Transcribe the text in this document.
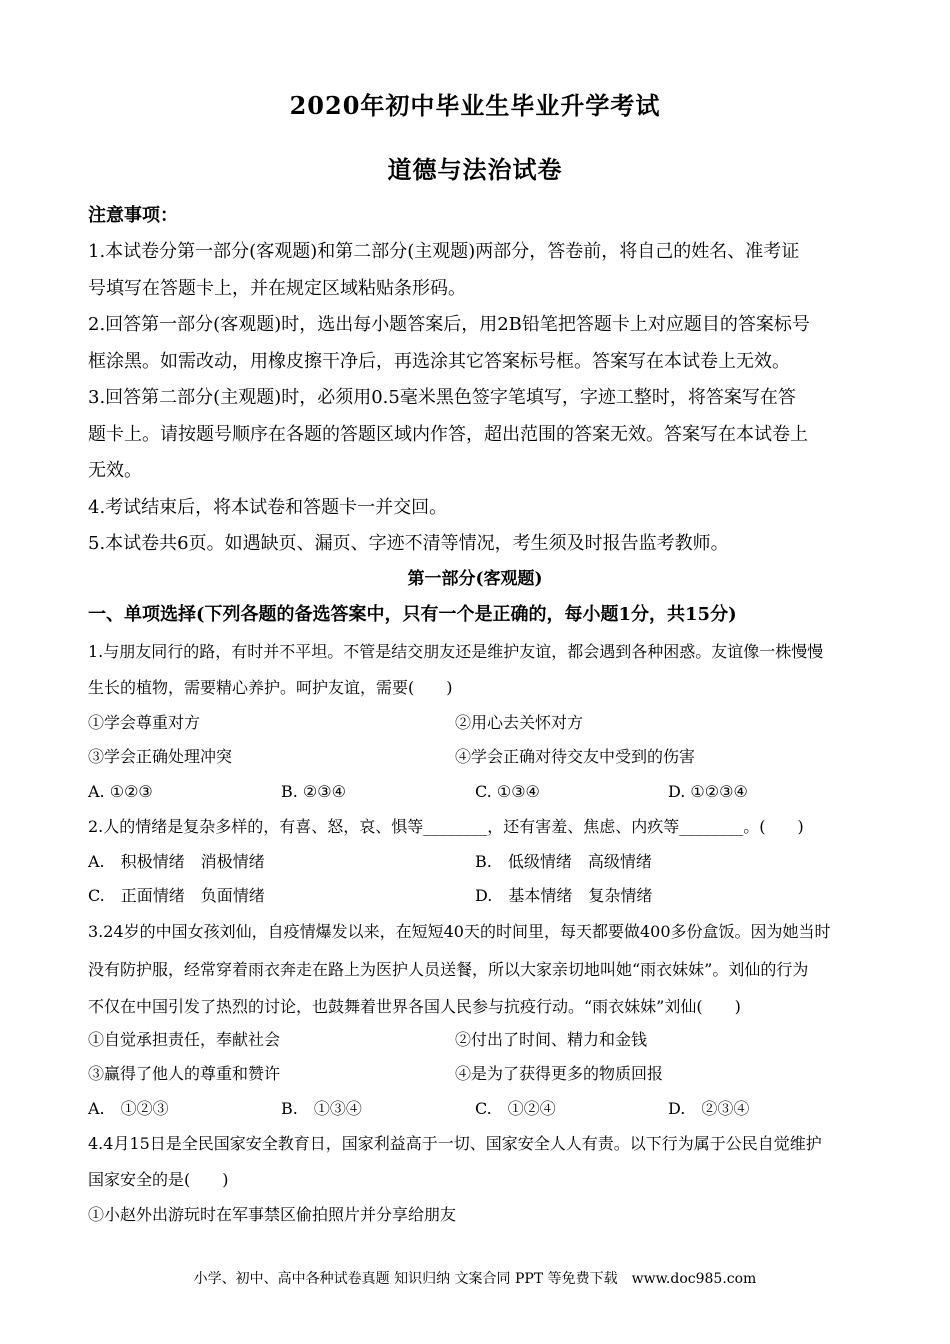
2020年初中毕业生毕业升学考试
道德与法治试卷
注意事项：
1.本试卷分第一部分(客观题)和第二部分(主观题)两部分，答卷前，将自己的姓名、准考证
号填写在答题卡上，并在规定区域粘贴条形码。
2.回答第一部分(客观题)时，选出每小题答案后，用2B铅笔把答题卡上对应题目的答案标号
框涂黑。如需改动，用橡皮擦干净后，再选涂其它答案标号框。答案写在本试卷上无效。
3.回答第二部分(主观题)时，必须用0.5毫米黑色签字笔填写，字迹工整时，将答案写在答
题卡上。请按题号顺序在各题的答题区域内作答，超出范围的答案无效。答案写在本试卷上
无效。
4.考试结束后，将本试卷和答题卡一并交回。
5.本试卷共6页。如遇缺页、漏页、字迹不清等情况，考生须及时报告监考教师。
第一部分(客观题)
一、单项选择(下列各题的备选答案中，只有一个是正确的，每小题1分，共15分)
1.与朋友同行的路，有时并不平坦。不管是结交朋友还是维护友谊，都会遇到各种困惑。友谊像一株慢慢
生长的植物，需要精心养护。呵护友谊，需要(　　)
①学会尊重对方	②用心去关怀对方
③学会正确处理冲突	④学会正确对待交友中受到的伤害
A. ①②③	B. ②③④	C. ①③④	D. ①②③④
2.人的情绪是复杂多样的，有喜、怒，哀、惧等________，还有害羞、焦虑、内疚等________。(　　)
A.　积极情绪　消极情绪	B.　低级情绪　高级情绪
C.　正面情绪　负面情绪	D.　基本情绪　复杂情绪
3.24岁的中国女孩刘仙，自疫情爆发以来，在短短40天的时间里，每天都要做400多份盒饭。因为她当时
没有防护服，经常穿着雨衣奔走在路上为医护人员送餐，所以大家亲切地叫她“雨衣妹妹”。刘仙的行为
不仅在中国引发了热烈的讨论，也鼓舞着世界各国人民参与抗疫行动。“雨衣妹妹”刘仙(　　)
①自觉承担责任，奉献社会	②付出了时间、精力和金钱
③赢得了他人的尊重和赞许	④是为了获得更多的物质回报
A.　①②③	B.　①③④	C.　①②④	D.　②③④
4.4月15日是全民国家安全教育日，国家利益高于一切、国家安全人人有责。以下行为属于公民自觉维护
国家安全的是(　　)
①小赵外出游玩时在军事禁区偷拍照片并分享给朋友
小学、初中、高中各种试卷真题 知识归纳 文案合同 PPT 等免费下载　www.doc985.com
